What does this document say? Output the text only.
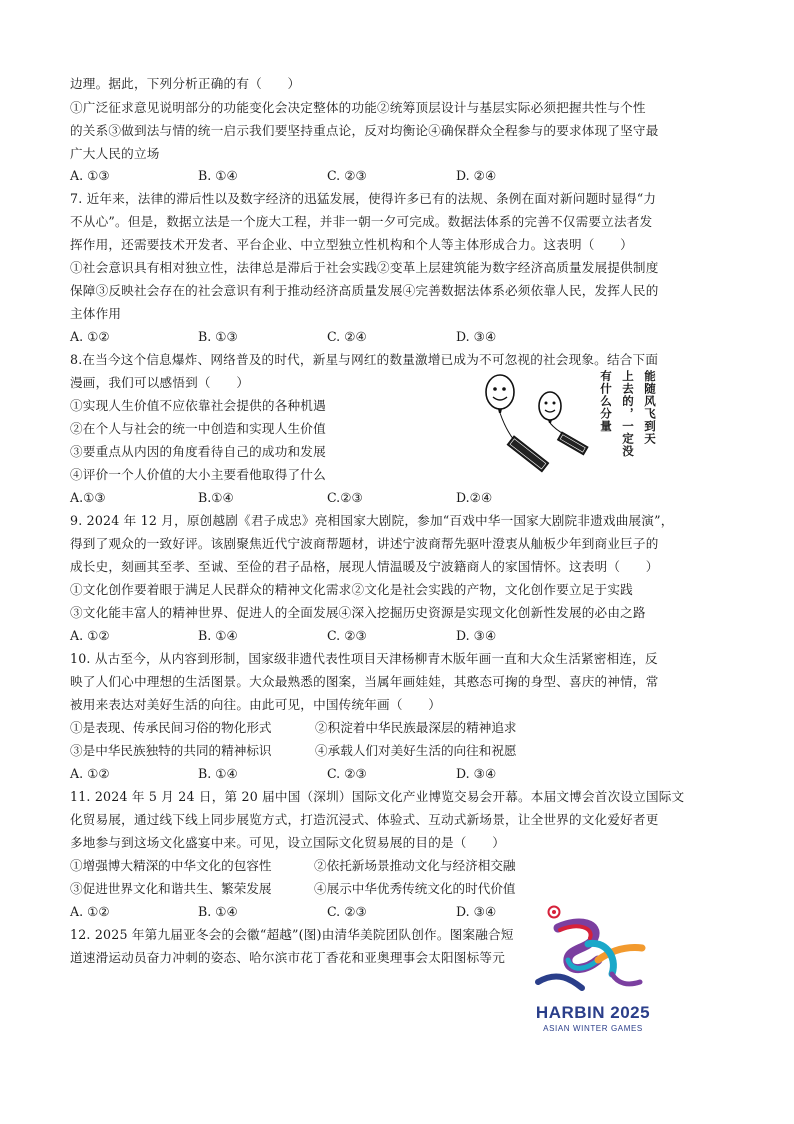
边理。据此，下列分析正确的有（　　）
①广泛征求意见说明部分的功能变化会决定整体的功能②统筹顶层设计与基层实际必须把握共性与个性
的关系③做到法与情的统一启示我们要坚持重点论，反对均衡论④确保群众全程参与的要求体现了坚守最
广大人民的立场
A. ①③	B. ①④	C. ②③	D. ②④
7. 近年来，法律的滞后性以及数字经济的迅猛发展，使得许多已有的法规、条例在面对新问题时显得“力
不从心”。但是，数据立法是一个庞大工程，并非一朝一夕可完成。数据法体系的完善不仅需要立法者发
挥作用，还需要技术开发者、平台企业、中立型独立性机构和个人等主体形成合力。这表明（　　）
①社会意识具有相对独立性，法律总是滞后于社会实践②变革上层建筑能为数字经济高质量发展提供制度
保障③反映社会存在的社会意识有利于推动经济高质量发展④完善数据法体系必须依靠人民，发挥人民的
主体作用
A. ①②	B. ①③	C. ②④	D. ③④
8.在当今这个信息爆炸、网络普及的时代，新星与网红的数量激增已成为不可忽视的社会现象。结合下面
漫画，我们可以感悟到（　　）
①实现人生价值不应依靠社会提供的各种机遇
②在个人与社会的统一中创造和实现人生价值
③要重点从内因的角度看待自己的成功和发展
④评价一个人价值的大小主要看他取得了什么
A.①③	B.①④	C.②③	D.②④
能随风飞到天
上去的，一定没
有什么分量
9. 2024 年 12 月，原创越剧《君子成忠》亮相国家大剧院，参加“百戏中华一国家大剧院非遗戏曲展演”，
得到了观众的一致好评。该剧聚焦近代宁波商帮题材，讲述宁波商帮先驱叶澄衷从舢板少年到商业巨子的
成长史，刻画其至孝、至诚、至俭的君子品格，展现人情温暖及宁波籍商人的家国情怀。这表明（　　）
①文化创作要着眼于满足人民群众的精神文化需求②文化是社会实践的产物，文化创作要立足于实践
③文化能丰富人的精神世界、促进人的全面发展④深入挖掘历史资源是实现文化创新性发展的必由之路
A. ①②	B. ①④	C. ②③	D. ③④
10. 从古至今，从内容到形制，国家级非遗代表性项目天津杨柳青木版年画一直和大众生活紧密相连，反
映了人们心中理想的生活图景。大众最熟悉的图案，当属年画娃娃，其憨态可掬的身型、喜庆的神情，常
被用来表达对美好生活的向往。由此可见，中国传统年画（　　）
①是表现、传承民间习俗的物化形式	②积淀着中华民族最深层的精神追求
③是中华民族独特的共同的精神标识	④承载人们对美好生活的向往和祝愿
A. ①②	B. ①④	C. ②③	D. ③④
11. 2024 年 5 月 24 日，第 20 届中国（深圳）国际文化产业博览交易会开幕。本届文博会首次设立国际文
化贸易展，通过线下线上同步展览方式，打造沉浸式、体验式、互动式新场景，让全世界的文化爱好者更
多地参与到这场文化盛宴中来。可见，设立国际文化贸易展的目的是（　　）
①增强博大精深的中华文化的包容性	②依托新场景推动文化与经济相交融
③促进世界文化和谐共生、繁荣发展	④展示中华优秀传统文化的时代价值
A. ①②	B. ①④	C. ②③	D. ③④
12. 2025 年第九届亚冬会的会徽“超越”(图)由清华美院团队创作。图案融合短
道速滑运动员奋力冲刺的姿态、哈尔滨市花丁香花和亚奥理事会太阳图标等元
HARBIN 2025
ASIAN WINTER GAMES
